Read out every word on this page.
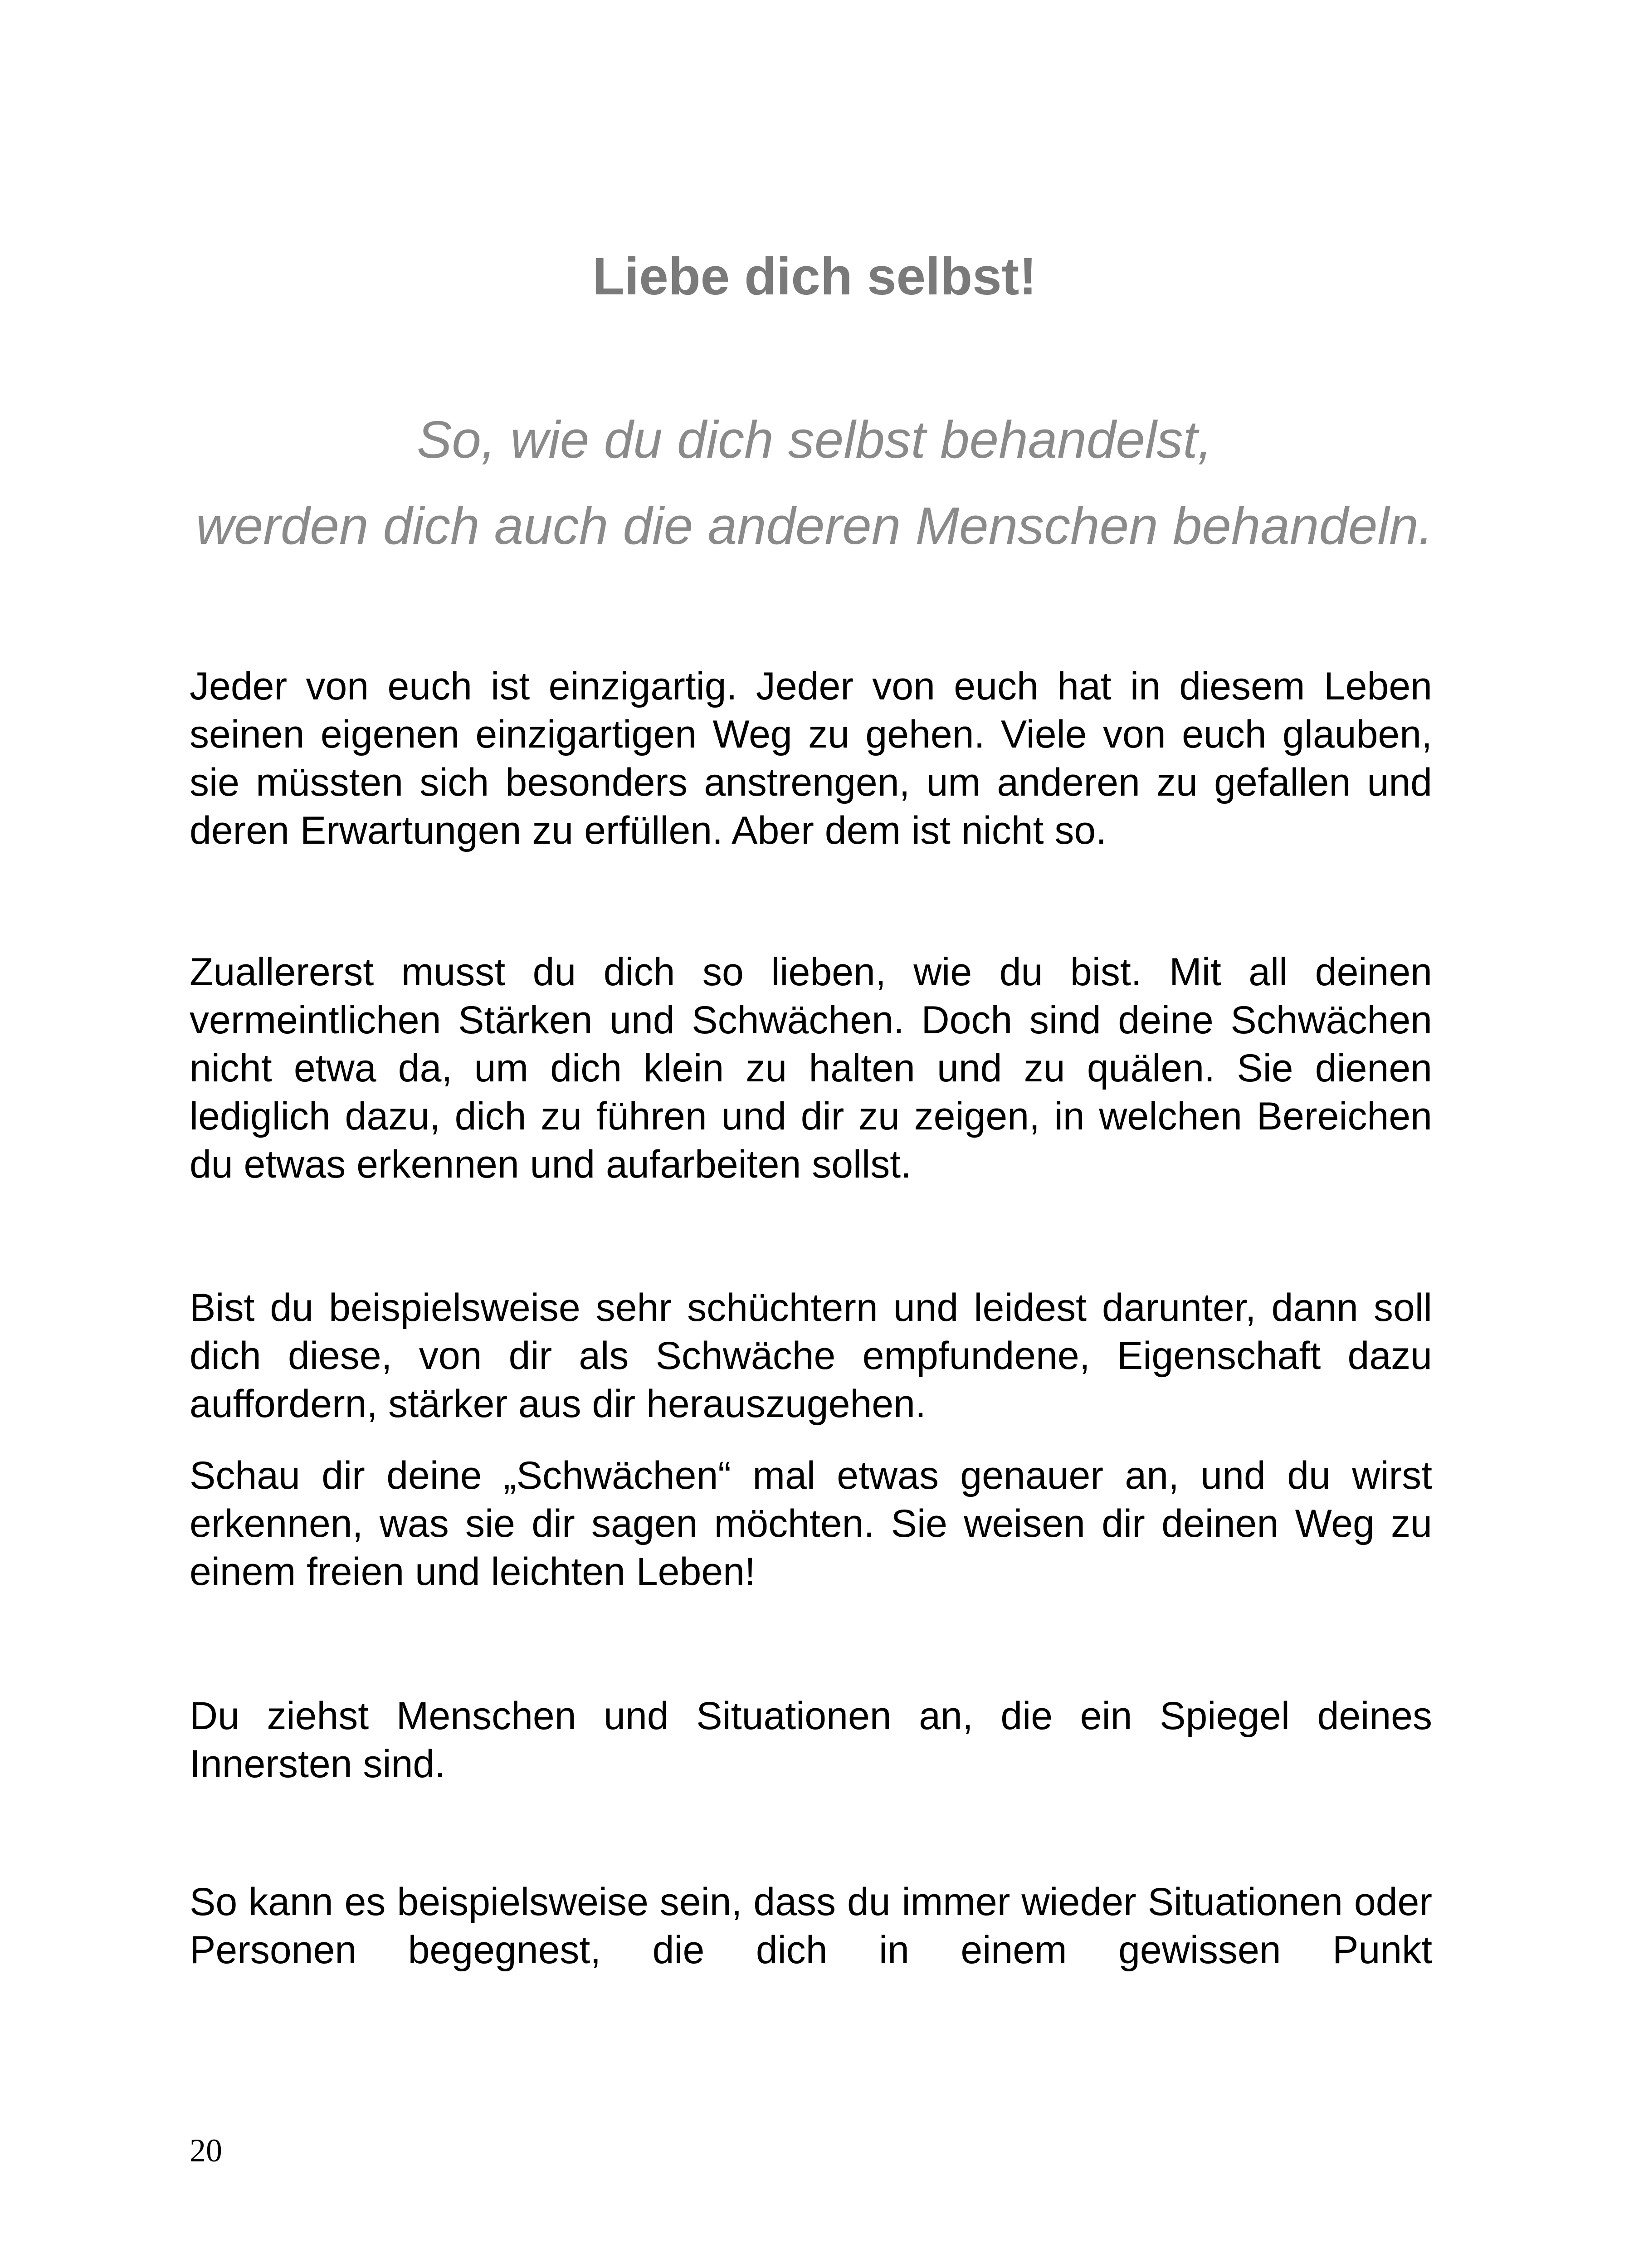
Liebe dich selbst!

So, wie du dich selbst behandelst,

werden dich auch die anderen Menschen behandeln.

Jeder von euch ist einzigartig. Jeder von euch hat in diesem Leben seinen eigenen einzigartigen Weg zu gehen. Viele von euch glauben, sie müssten sich besonders anstrengen, um anderen zu gefallen und deren Erwartungen zu erfüllen. Aber dem ist nicht so.

Zuallererst musst du dich so lieben, wie du bist. Mit all deinen vermeintlichen Stärken und Schwächen. Doch sind deine Schwächen nicht etwa da, um dich klein zu halten und zu quälen. Sie dienen lediglich dazu, dich zu führen und dir zu zeigen, in welchen Bereichen du etwas erkennen und aufarbeiten sollst.

Bist du beispielsweise sehr schüchtern und leidest darunter, dann soll dich diese, von dir als Schwäche empfundene, Eigenschaft dazu auffordern, stärker aus dir herauszugehen.

Schau dir deine „Schwächen“ mal etwas genauer an, und du wirst erkennen, was sie dir sagen möchten. Sie weisen dir deinen Weg zu einem freien und leichten Leben!

Du ziehst Menschen und Situationen an, die ein Spiegel deines Innersten sind.

So kann es beispielsweise sein, dass du immer wieder Situationen oder Personen begegnest, die dich in einem gewissen Punkt

20
